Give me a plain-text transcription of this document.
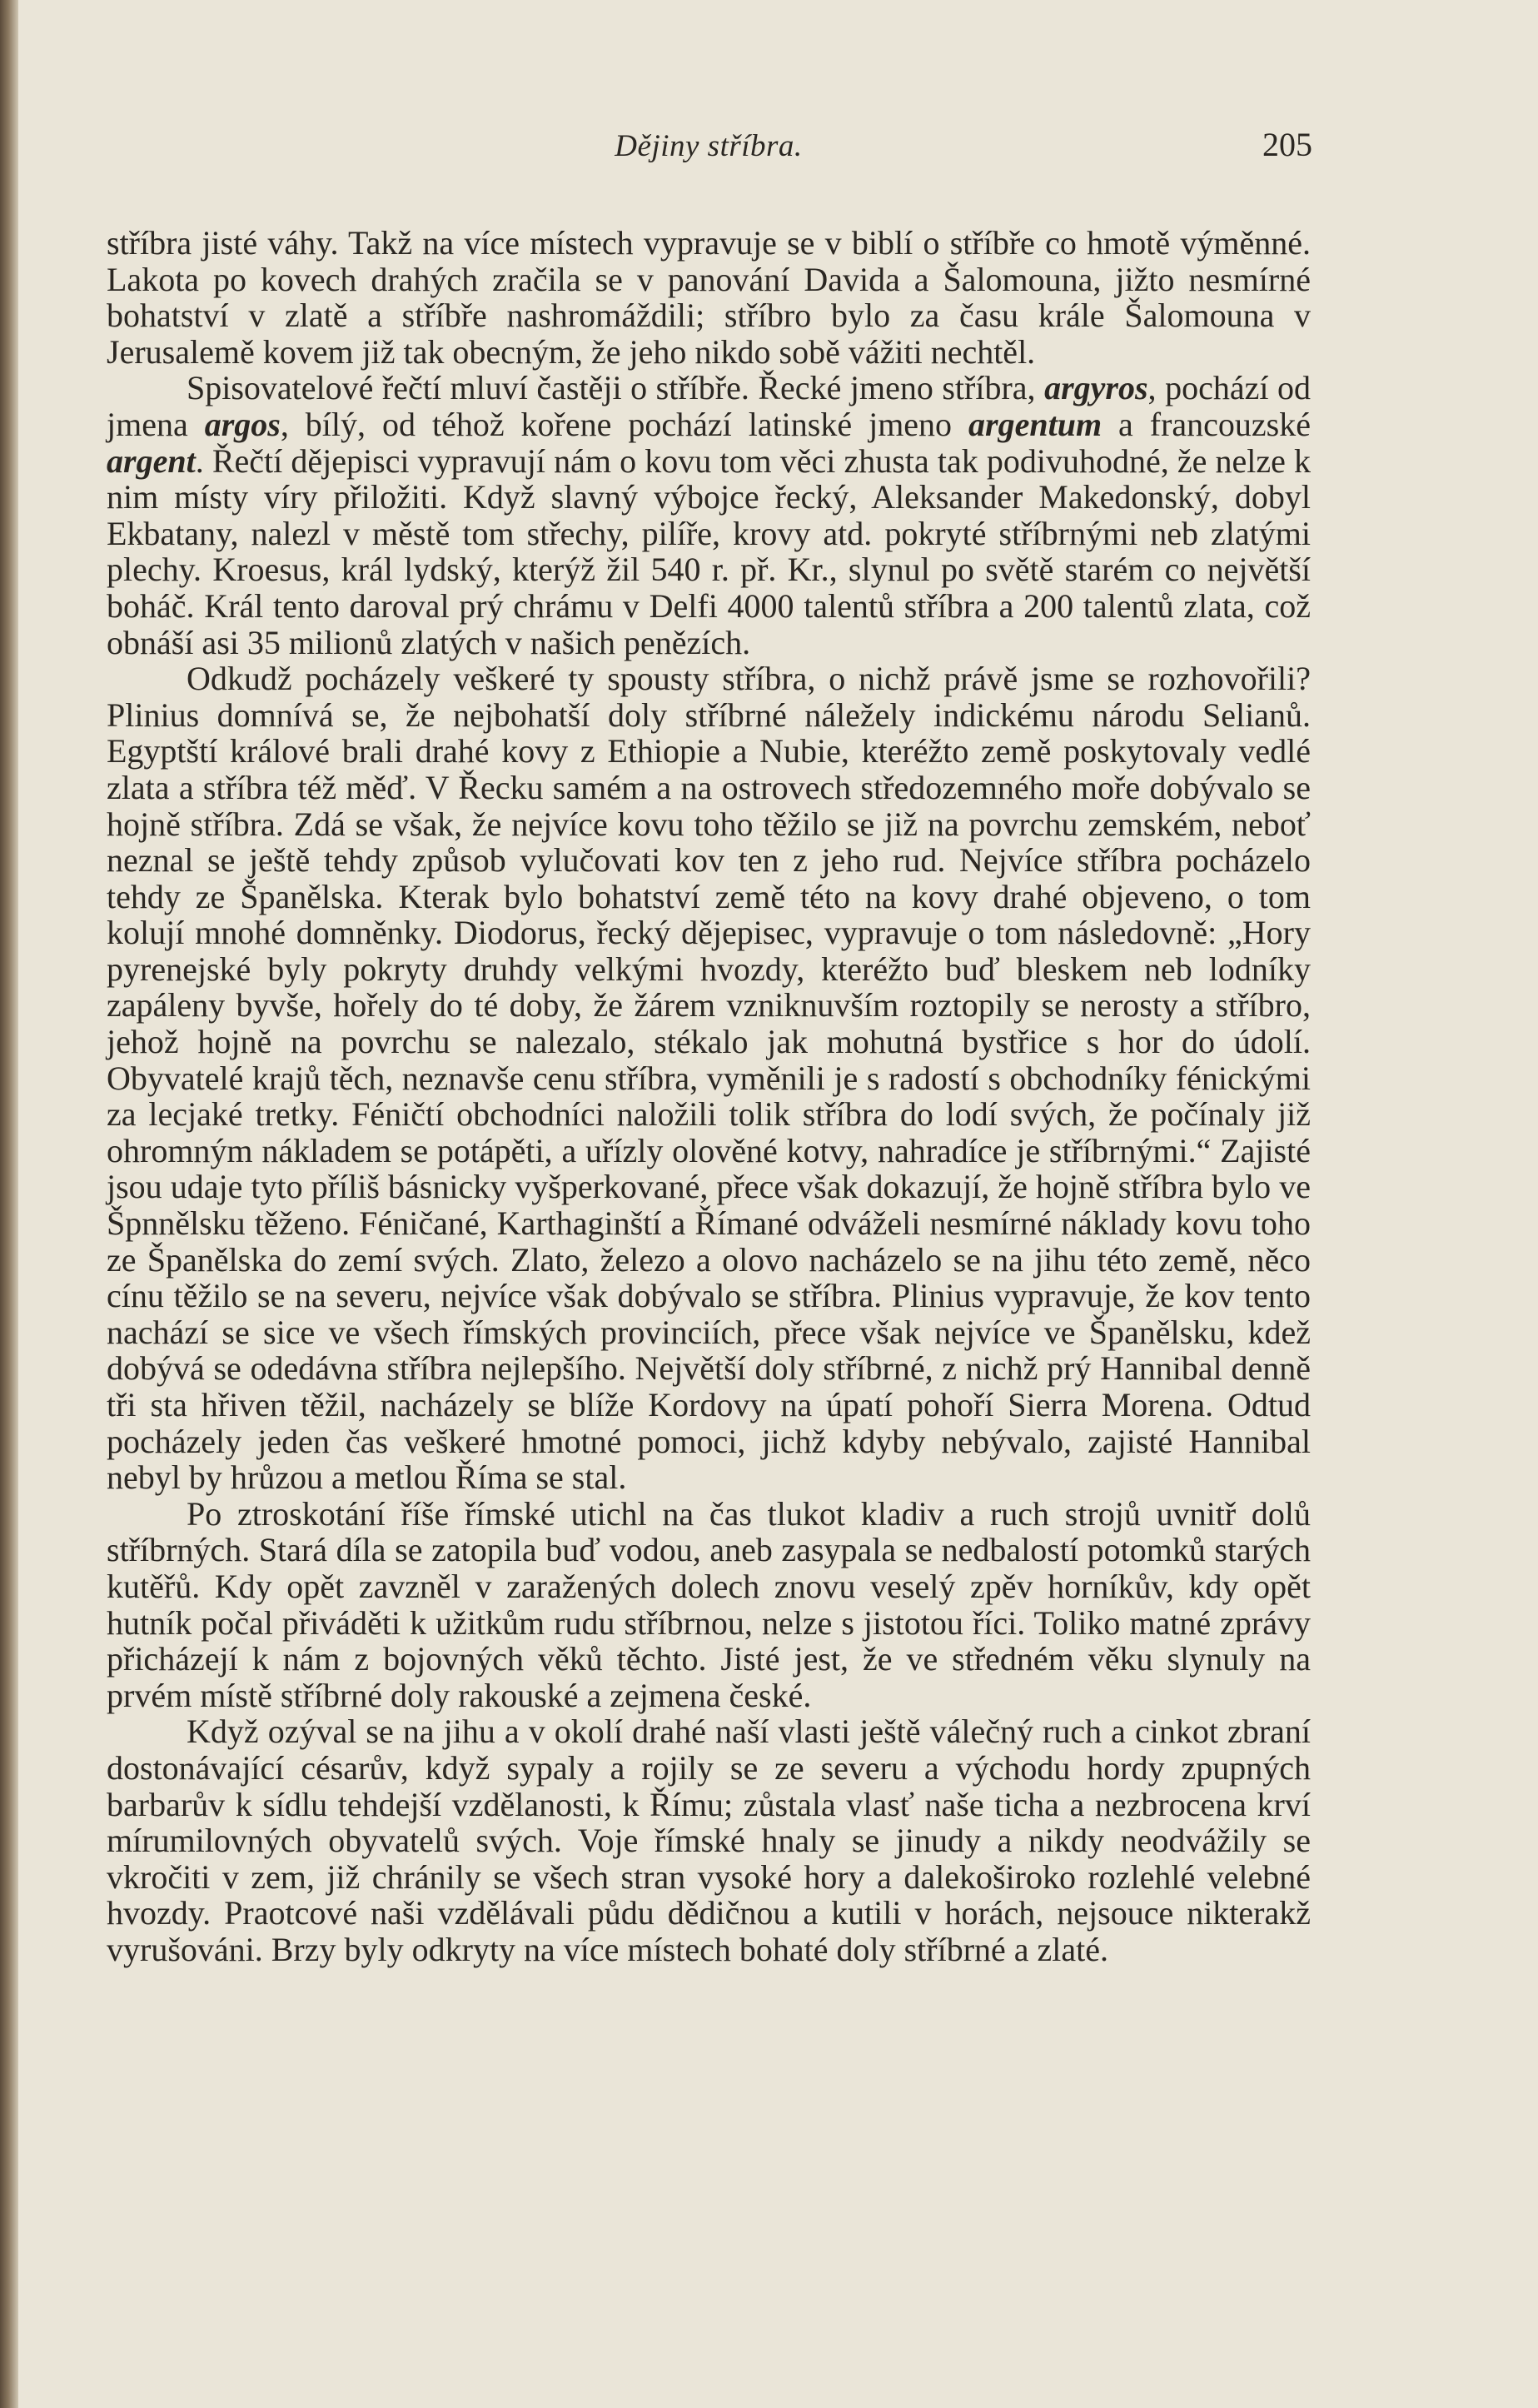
Dějiny stříbra.	205

stříbra jisté váhy. Takž na více místech vypravuje se v biblí o stříbře co hmotě výměnné. Lakota po kovech drahých zračila se v panování Davida a Šalomouna, jižto nesmírné bohatství v zlatě a stříbře nashromáždili; stříbro bylo za času krále Šalomouna v Jerusalemě kovem již tak obecným, že jeho nikdo sobě vážiti nechtěl.

Spisovatelové řečtí mluví častěji o stříbře. Řecké jmeno stříbra, argyros, pochází od jmena argos, bílý, od téhož kořene pochází latinské jmeno argentum a francouzské argent. Řečtí dějepisci vypravují nám o kovu tom věci zhusta tak podivuhodné, že nelze k nim místy víry přiložiti. Když slavný výbojce řecký, Aleksander Makedonský, dobyl Ekbatany, nalezl v městě tom střechy, pilíře, krovy atd. pokryté stříbrnými neb zlatými plechy. Kroesus, král lydský, kterýž žil 540 r. př. Kr., slynul po světě starém co největší boháč. Král tento daroval prý chrámu v Delfi 4000 talentů stříbra a 200 talentů zlata, což obnáší asi 35 milionů zlatých v našich penězích.

Odkudž pocházely veškeré ty spousty stříbra, o nichž právě jsme se rozhovořili? Plinius domnívá se, že nejbohatší doly stříbrné náležely indickému národu Selianů. Egyptští králové brali drahé kovy z Ethiopie a Nubie, kteréžto země poskytovaly vedlé zlata a stříbra též měď. V Řecku samém a na ostrovech středozemného moře dobývalo se hojně stříbra. Zdá se však, že nejvíce kovu toho těžilo se již na povrchu zemském, neboť neznal se ještě tehdy způsob vylučovati kov ten z jeho rud. Nejvíce stříbra pocházelo tehdy ze Španělska. Kterak bylo bohatství země této na kovy drahé objeveno, o tom kolují mnohé domněnky. Diodorus, řecký dějepisec, vypravuje o tom následovně: „Hory pyrenejské byly pokryty druhdy velkými hvozdy, kteréžto buď bleskem neb lodníky zapáleny byvše, hořely do té doby, že žárem vzniknuvším roztopily se nerosty a stříbro, jehož hojně na povrchu se nalezalo, stékalo jak mohutná bystřice s hor do údolí. Obyvatelé krajů těch, neznavše cenu stříbra, vyměnili je s radostí s obchodníky fénickými za lecjaké tretky. Féničtí obchodníci naložili tolik stříbra do lodí svých, že počínaly již ohromným nákladem se potápěti, a uřízly olověné kotvy, nahradíce je stříbrnými.“ Zajisté jsou udaje tyto příliš básnicky vyšperkované, přece však dokazují, že hojně stříbra bylo ve Špnnělsku těženo. Féničané, Karthaginští a Římané odváželi nesmírné náklady kovu toho ze Španělska do zemí svých. Zlato, železo a olovo nacházelo se na jihu této země, něco cínu těžilo se na severu, nejvíce však dobývalo se stříbra. Plinius vypravuje, že kov tento nachází se sice ve všech římských provinciích, přece však nejvíce ve Španělsku, kdež dobývá se odedávna stříbra nejlepšího. Největší doly stříbrné, z nichž prý Hannibal denně tři sta hřiven těžil, nacházely se blíže Kordovy na úpatí pohoří Sierra Morena. Odtud pocházely jeden čas veškeré hmotné pomoci, jichž kdyby nebývalo, zajisté Hannibal nebyl by hrůzou a metlou Říma se stal.

Po ztroskotání říše římské utichl na čas tlukot kladiv a ruch strojů uvnitř dolů stříbrných. Stará díla se zatopila buď vodou, aneb zasypala se nedbalostí potomků starých kutěřů. Kdy opět zavzněl v zaražených dolech znovu veselý zpěv horníkův, kdy opět hutník počal přiváděti k užitkům rudu stříbrnou, nelze s jistotou říci. Toliko matné zprávy přicházejí k nám z bojovných věků těchto. Jisté jest, že ve středném věku slynuly na prvém místě stříbrné doly rakouské a zejmena české.

Když ozýval se na jihu a v okolí drahé naší vlasti ještě válečný ruch a cinkot zbraní dostonávající césarův, když sypaly a rojily se ze severu a východu hordy zpupných barbarův k sídlu tehdejší vzdělanosti, k Římu; zůstala vlasť naše ticha a nezbrocena krví mírumilovných obyvatelů svých. Voje římské hnaly se jinudy a nikdy neodvážily se vkročiti v zem, již chránily se všech stran vysoké hory a dalekoširoko rozlehlé velebné hvozdy. Praotcové naši vzdělávali půdu dědičnou a kutili v horách, nejsouce nikterakž vyrušováni. Brzy byly odkryty na více místech bohaté doly stříbrné a zlaté.
